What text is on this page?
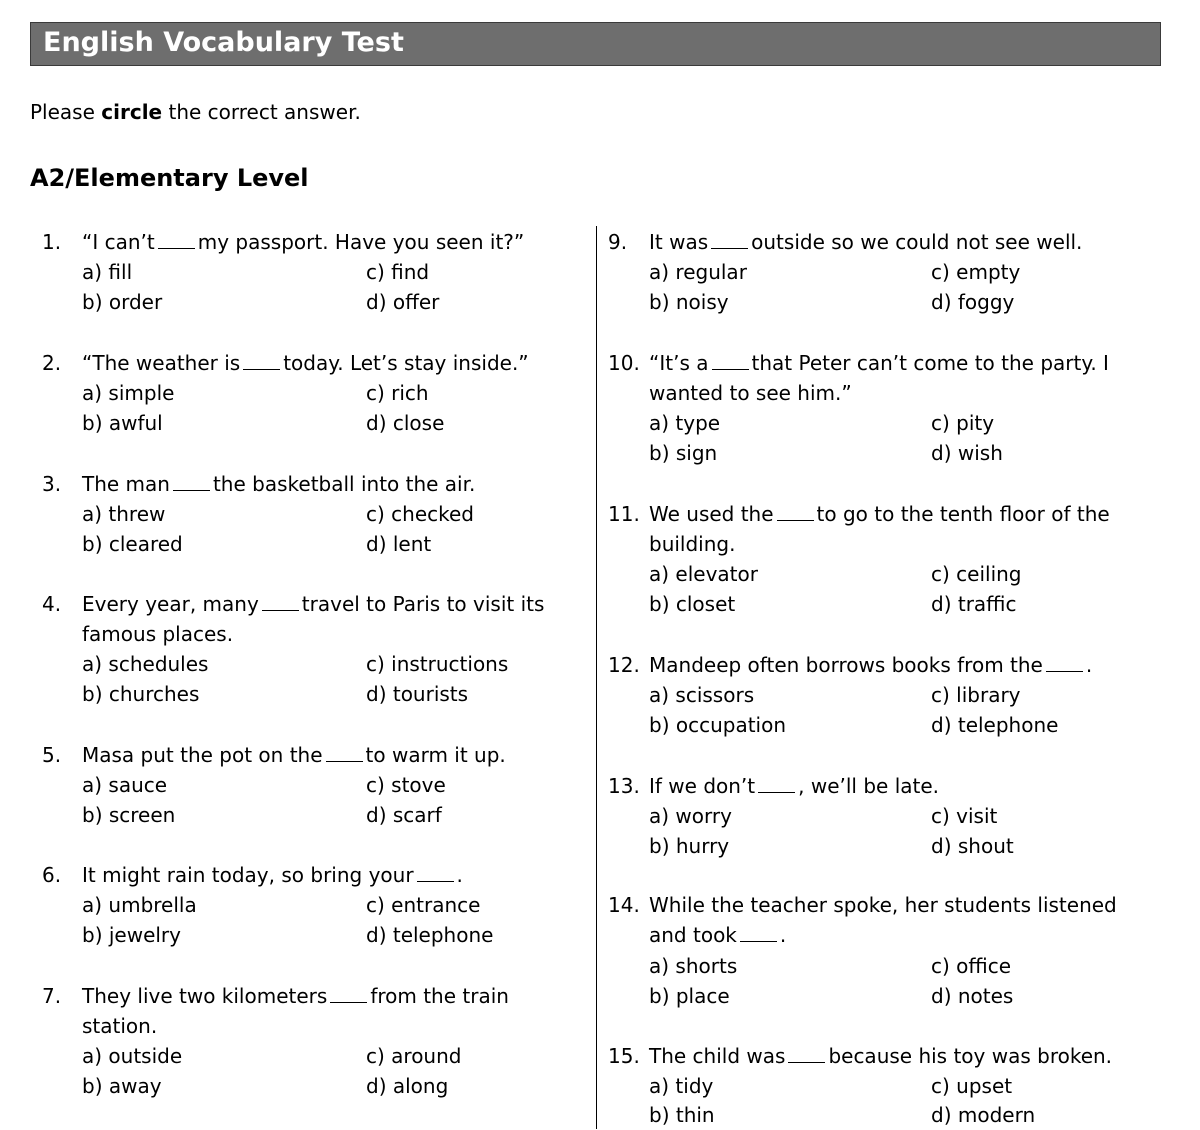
English Vocabulary Test
Please circle the correct answer.
A2/Elementary Level
1. “I can’t my passport. Have you seen it?”
a) fill
b) order
c) find
d) offer
2. “The weather is today. Let’s stay inside.”
a) simple
b) awful
c) rich
d) close
3. The man the basketball into the air.
a) threw
b) cleared
c) checked
d) lent
4. Every year, many travel to Paris to visit its
famous places.
a) schedules
b) churches
c) instructions
d) tourists
5. Masa put the pot on the to warm it up.
a) sauce
b) screen
c) stove
d) scarf
6. It might rain today, so bring your .
a) umbrella
b) jewelry
c) entrance
d) telephone
7. They live two kilometers from the train
station.
a) outside
b) away
c) around
d) along
9. It was outside so we could not see well.
a) regular
b) noisy
c) empty
d) foggy
10. “It’s a that Peter can’t come to the party. I
wanted to see him.”
a) type
b) sign
c) pity
d) wish
11. We used the to go to the tenth floor of the
building.
a) elevator
b) closet
c) ceiling
d) traffic
12. Mandeep often borrows books from the .
a) scissors
b) occupation
c) library
d) telephone
13. If we don’t , we’ll be late.
a) worry
b) hurry
c) visit
d) shout
14. While the teacher spoke, her students listened
and took .
a) shorts
b) place
c) office
d) notes
15. The child was because his toy was broken.
a) tidy
b) thin
c) upset
d) modern
